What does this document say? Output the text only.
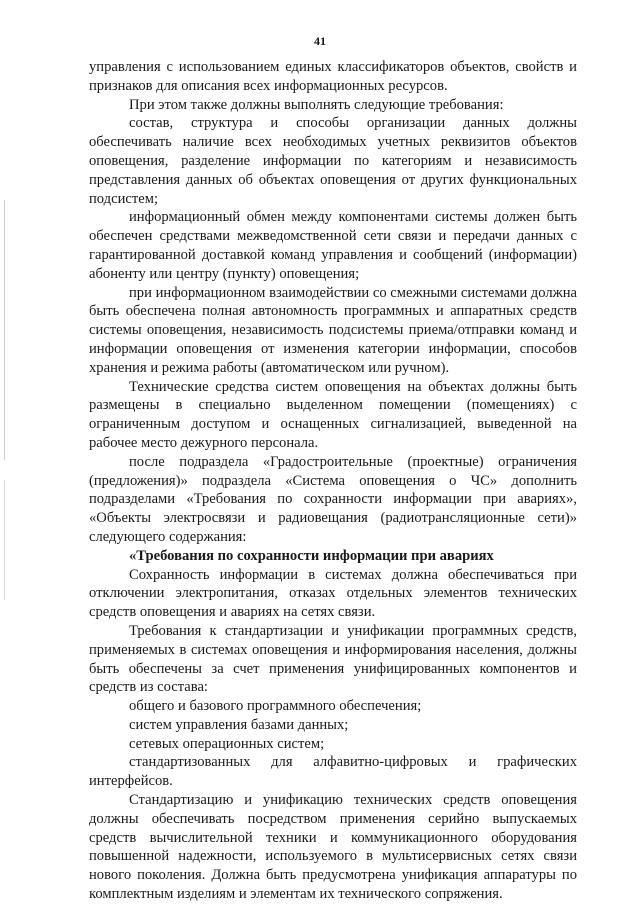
41

управления с использованием единых классификаторов объектов, свойств и признаков для описания всех информационных ресурсов.

При этом также должны выполнять следующие требования:

состав, структура и способы организации данных должны обеспечивать наличие всех необходимых учетных реквизитов объектов оповещения, разделение информации по категориям и независимость представления данных об объектах оповещения от других функциональных подсистем;

информационный обмен между компонентами системы должен быть обеспечен средствами межведомственной сети связи и передачи данных с гарантированной доставкой команд управления и сообщений (информации) абоненту или центру (пункту) оповещения;

при информационном взаимодействии со смежными системами должна быть обеспечена полная автономность программных и аппаратных средств системы оповещения, независимость подсистемы приема/отправки команд и информации оповещения от изменения категории информации, способов хранения и режима работы (автоматическом или ручном).

Технические средства систем оповещения на объектах должны быть размещены в специально выделенном помещении (помещениях) с ограниченным доступом и оснащенных сигнализацией, выведенной на рабочее место дежурного персонала.

после подраздела «Градостроительные (проектные) ограничения (предложения)» подраздела «Система оповещения о ЧС» дополнить подразделами «Требования по сохранности информации при авариях», «Объекты электросвязи и радиовещания (радиотрансляционные сети)» следующего содержания:

«Требования по сохранности информации при авариях

Сохранность информации в системах должна обеспечиваться при отключении электропитания, отказах отдельных элементов технических средств оповещения и авариях на сетях связи.

Требования к стандартизации и унификации программных средств, применяемых в системах оповещения и информирования населения, должны быть обеспечены за счет применения унифицированных компонентов и средств из состава:

общего и базового программного обеспечения;

систем управления базами данных;

сетевых операционных систем;

стандартизованных для алфавитно-цифровых и графических интерфейсов.

Стандартизацию и унификацию технических средств оповещения должны обеспечивать посредством применения серийно выпускаемых средств вычислительной техники и коммуникационного оборудования повышенной надежности, используемого в мультисервисных сетях связи нового поколения. Должна быть предусмотрена унификация аппаратуры по комплектным изделиям и элементам их технического сопряжения.
